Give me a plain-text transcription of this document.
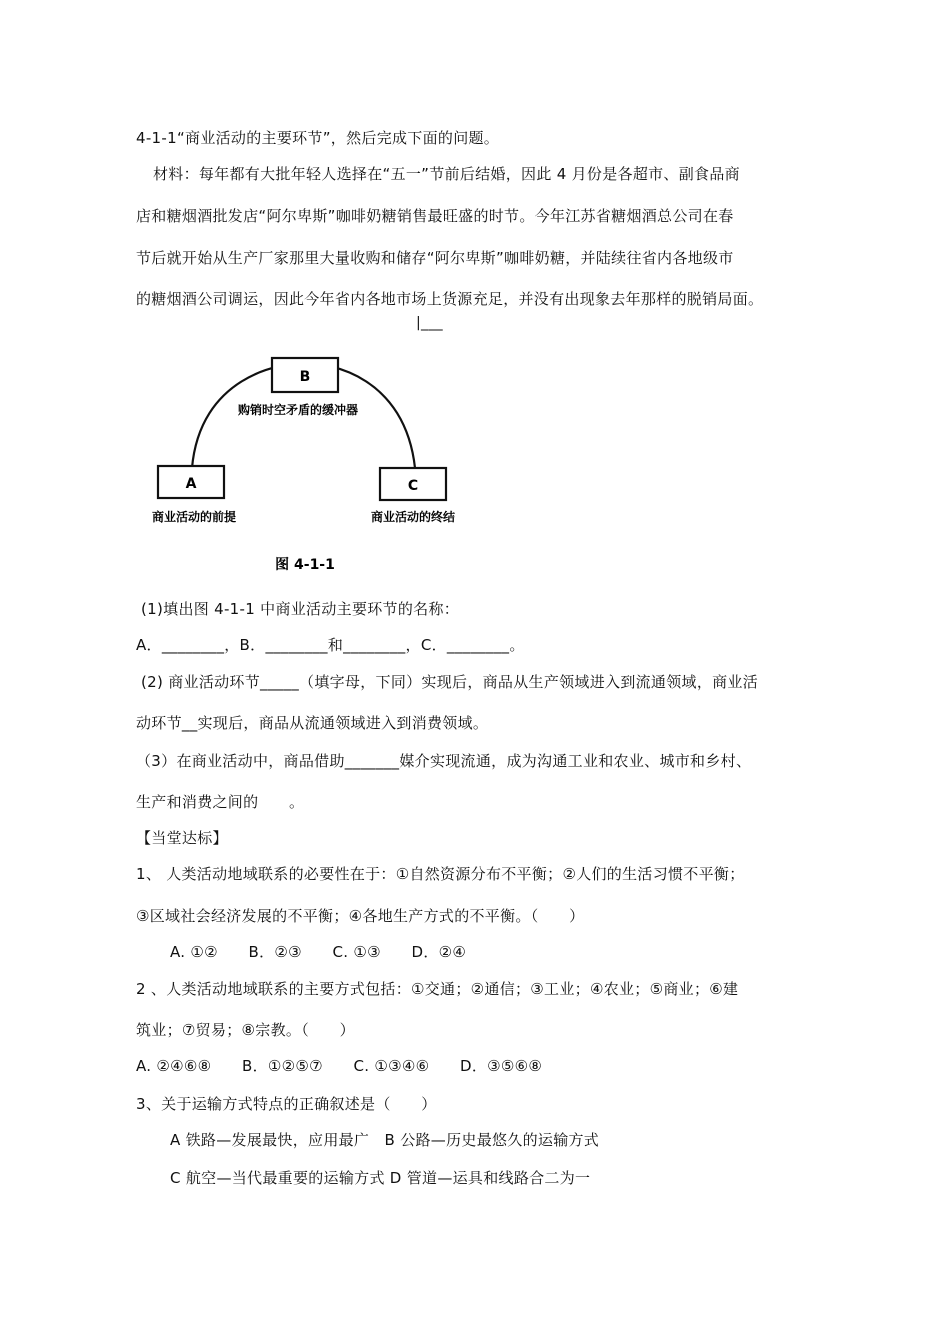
4-1-1“商业活动的主要环节”，然后完成下面的问题。
材料：每年都有大批年轻人选择在“五一”节前后结婚，因此 4 月份是各超市、副食品商
店和糖烟酒批发店“阿尔卑斯”咖啡奶糖销售最旺盛的时节。今年江苏省糖烟酒总公司在春
节后就开始从生产厂家那里大量收购和储存“阿尔卑斯”咖啡奶糖，并陆续往省内各地级市
的糖烟酒公司调运，因此今年省内各地市场上货源充足，并没有出现象去年那样的脱销局面。
|___
B
购销时空矛盾的缓冲器
A
商业活动的前提
C
商业活动的终结
图 4-1-1
(1)填出图 4-1-1 中商业活动主要环节的名称：
A．________，B．________和________，C．________。
(2) 商业活动环节_____（填字母，下同）实现后，商品从生产领域进入到流通领域，商业活
动环节__实现后，商品从流通领域进入到消费领域。
（3）在商业活动中，商品借助_______媒介实现流通，成为沟通工业和农业、城市和乡村、
生产和消费之间的　　。
【当堂达标】
1、 人类活动地域联系的必要性在于：①自然资源分布不平衡；②人们的生活习惯不平衡；
③区域社会经济发展的不平衡；④各地生产方式的不平衡。（　　）
A. ①②　　B．②③　　C. ①③　　D．②④
2 、人类活动地域联系的主要方式包括：①交通；②通信；③工业；④农业；⑤商业；⑥建
筑业；⑦贸易；⑧宗教。（　　）
A. ②④⑥⑧　　B．①②⑤⑦　　C. ①③④⑥　　D．③⑤⑥⑧
3、关于运输方式特点的正确叙述是（　　）
A 铁路—发展最快，应用最广　B 公路—历史最悠久的运输方式
C 航空—当代最重要的运输方式 D 管道—运具和线路合二为一
